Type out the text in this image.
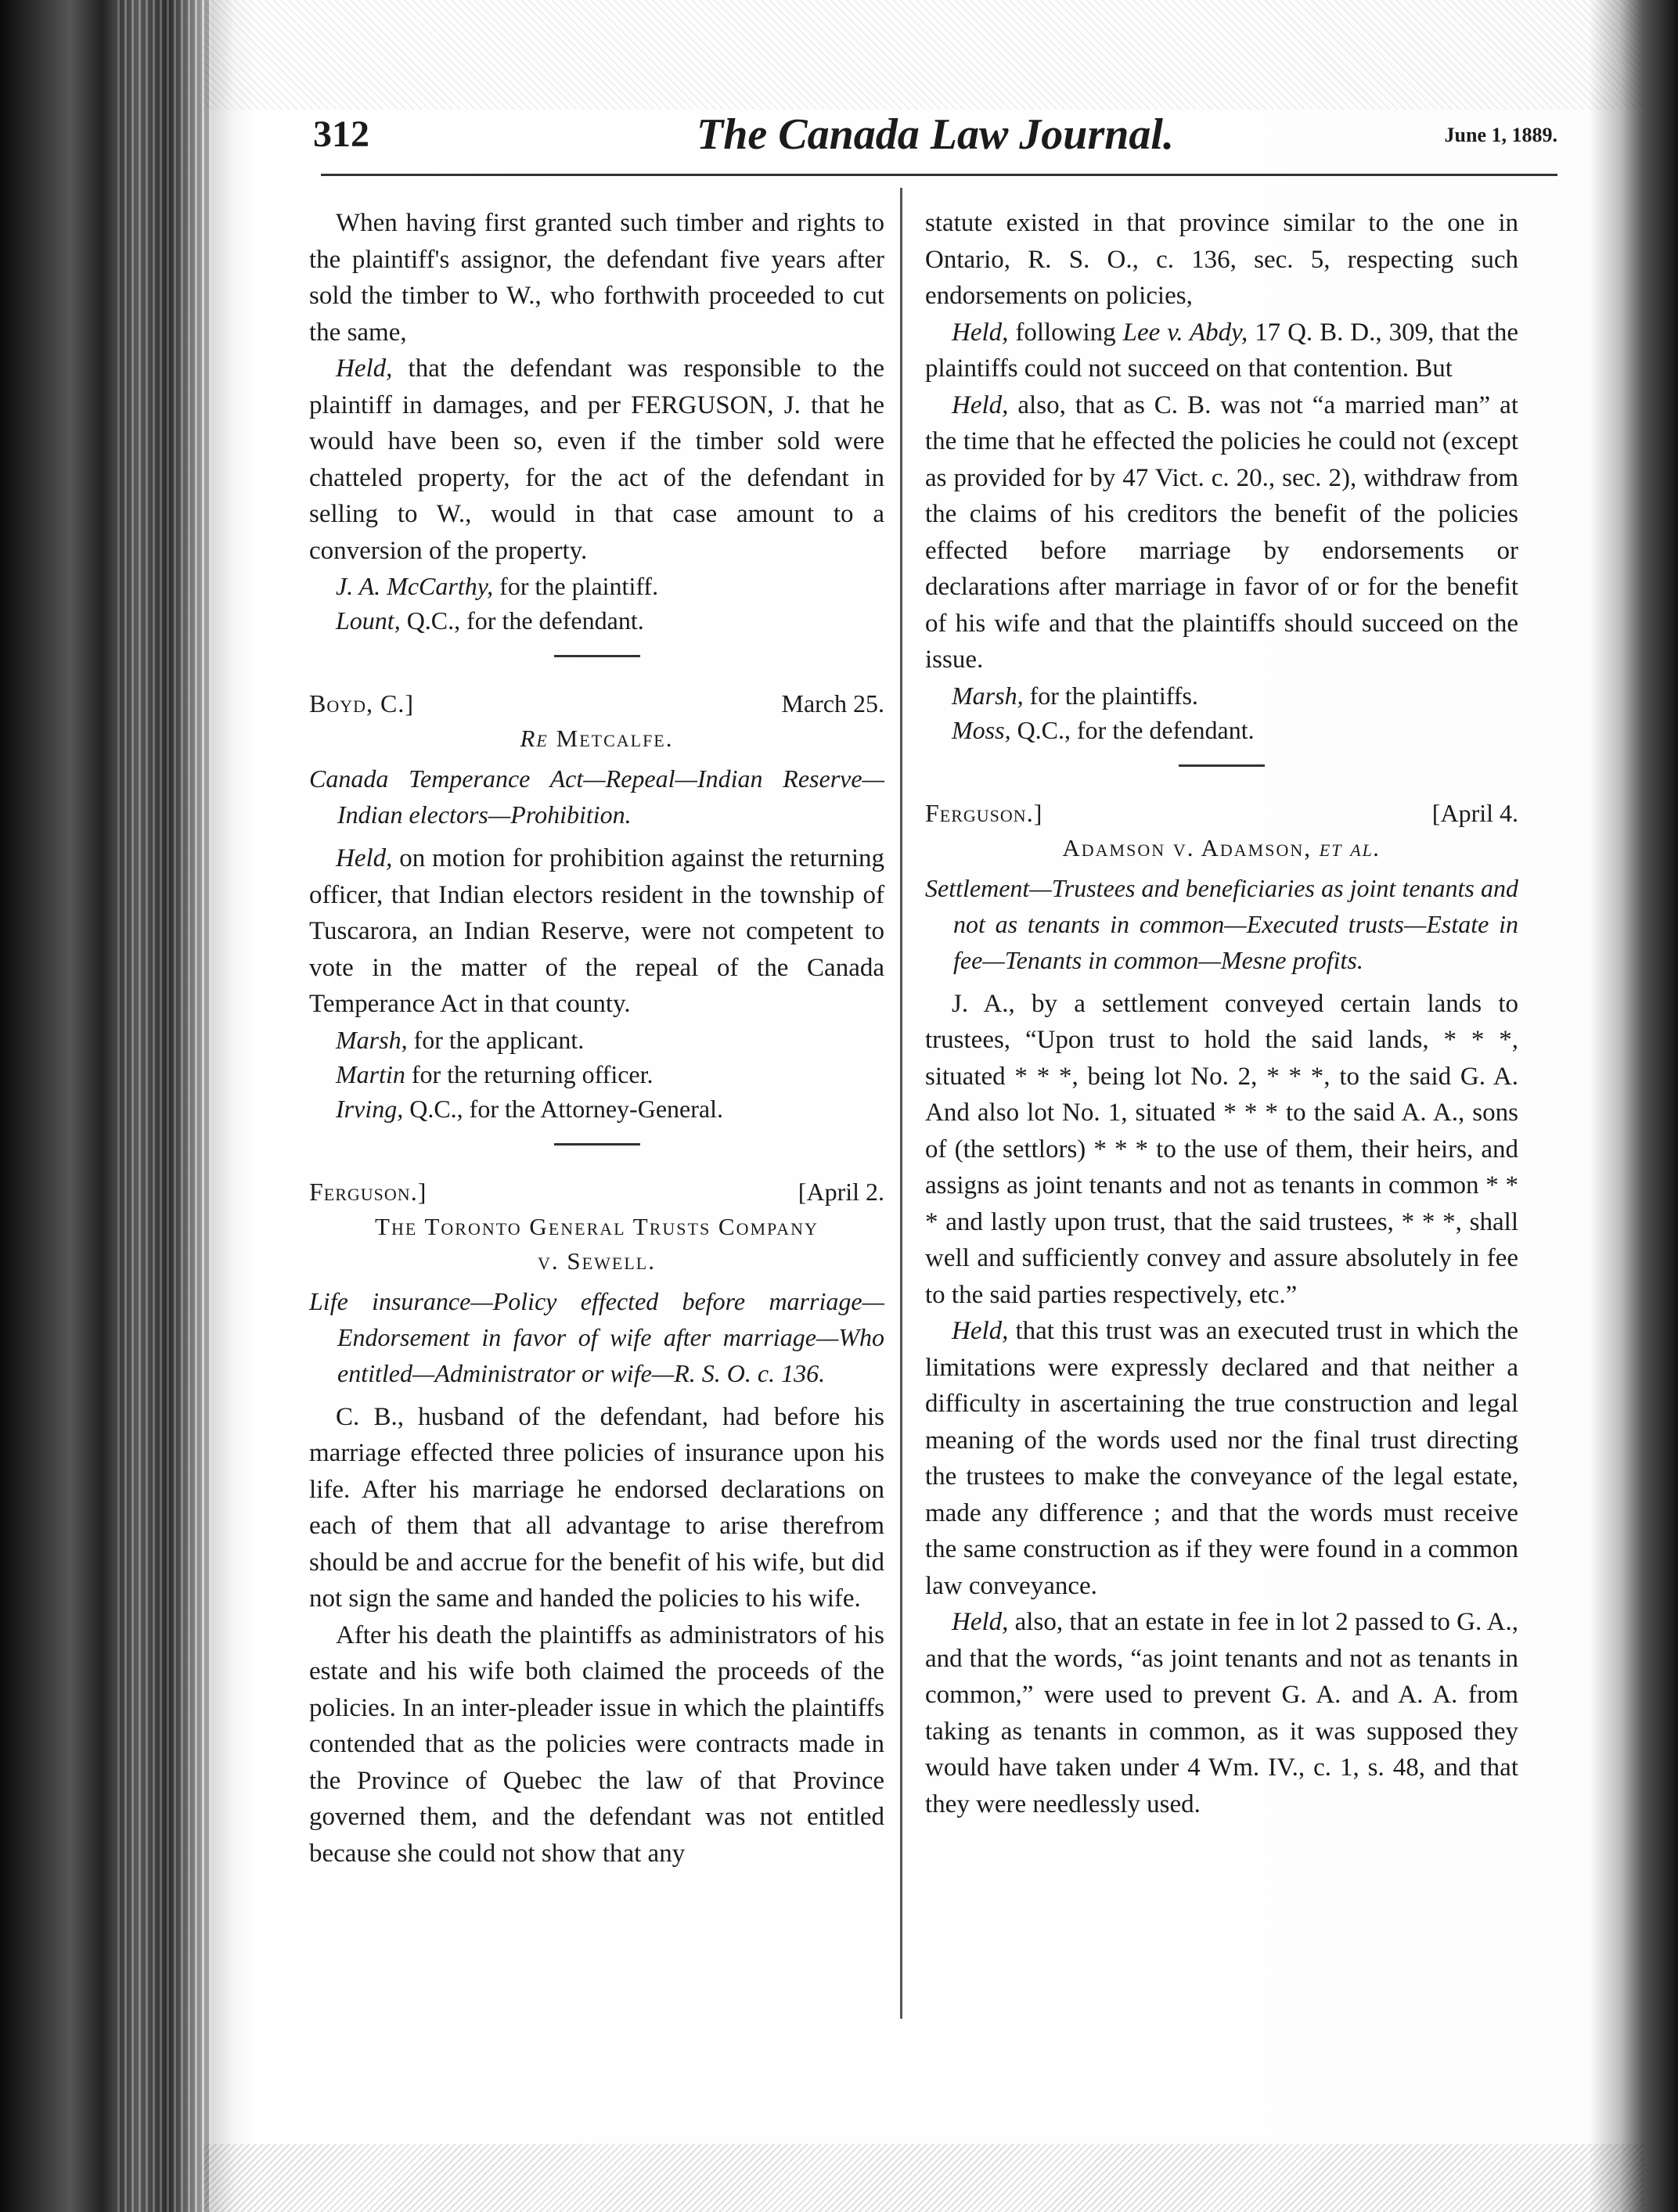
312	The Canada Law Journal.	June 1, 1889.

When having first granted such timber and rights to the plaintiff's assignor, the defendant five years after sold the timber to W., who forthwith proceeded to cut the same,

Held, that the defendant was responsible to the plaintiff in damages, and per FERGUSON, J. that he would have been so, even if the timber sold were chatteled property, for the act of the defendant in selling to W., would in that case amount to a conversion of the property.

J. A. McCarthy, for the plaintiff.

Lount, Q.C., for the defendant.

Boyd, C.]	March 25.

Re Metcalfe.

Canada Temperance Act—Repeal—Indian Reserve—Indian electors—Prohibition.

Held, on motion for prohibition against the returning officer, that Indian electors resident in the township of Tuscarora, an Indian Reserve, were not competent to vote in the matter of the repeal of the Canada Temperance Act in that county.

Marsh, for the applicant.

Martin for the returning officer.

Irving, Q.C., for the Attorney-General.

Ferguson.]	[April 2.

The Toronto General Trusts Company

v. Sewell.

Life insurance—Policy effected before marriage—Endorsement in favor of wife after marriage—Who entitled—Administrator or wife—R. S. O. c. 136.

C. B., husband of the defendant, had before his marriage effected three policies of insurance upon his life. After his marriage he endorsed declarations on each of them that all advantage to arise therefrom should be and accrue for the benefit of his wife, but did not sign the same and handed the policies to his wife.

After his death the plaintiffs as administrators of his estate and his wife both claimed the proceeds of the policies. In an inter-pleader issue in which the plaintiffs contended that as the policies were contracts made in the Province of Quebec the law of that Province governed them, and the defendant was not entitled because she could not show that any

statute existed in that province similar to the one in Ontario, R. S. O., c. 136, sec. 5, respecting such endorsements on policies,

Held, following Lee v. Abdy, 17 Q. B. D., 309, that the plaintiffs could not succeed on that contention. But

Held, also, that as C. B. was not “a married man” at the time that he effected the policies he could not (except as provided for by 47 Vict. c. 20., sec. 2), withdraw from the claims of his creditors the benefit of the policies effected before marriage by endorsements or declarations after marriage in favor of or for the benefit of his wife and that the plaintiffs should succeed on the issue.

Marsh, for the plaintiffs.

Moss, Q.C., for the defendant.

Ferguson.]	[April 4.

Adamson v. Adamson, et al.

Settlement—Trustees and beneficiaries as joint tenants and not as tenants in common—Executed trusts—Estate in fee—Tenants in common—Mesne profits.

J. A., by a settlement conveyed certain lands to trustees, “Upon trust to hold the said lands, * * *, situated * * *, being lot No. 2, * * *, to the said G. A. And also lot No. 1, situated * * * to the said A. A., sons of (the settlors) * * * to the use of them, their heirs, and assigns as joint tenants and not as tenants in common * * * and lastly upon trust, that the said trustees, * * *, shall well and sufficiently convey and assure absolutely in fee to the said parties respectively, etc.”

Held, that this trust was an executed trust in which the limitations were expressly declared and that neither a difficulty in ascertaining the true construction and legal meaning of the words used nor the final trust directing the trustees to make the conveyance of the legal estate, made any difference ; and that the words must receive the same construction as if they were found in a common law conveyance.

Held, also, that an estate in fee in lot 2 passed to G. A., and that the words, “as joint tenants and not as tenants in common,” were used to prevent G. A. and A. A. from taking as tenants in common, as it was supposed they would have taken under 4 Wm. IV., c. 1, s. 48, and that they were needlessly used.
